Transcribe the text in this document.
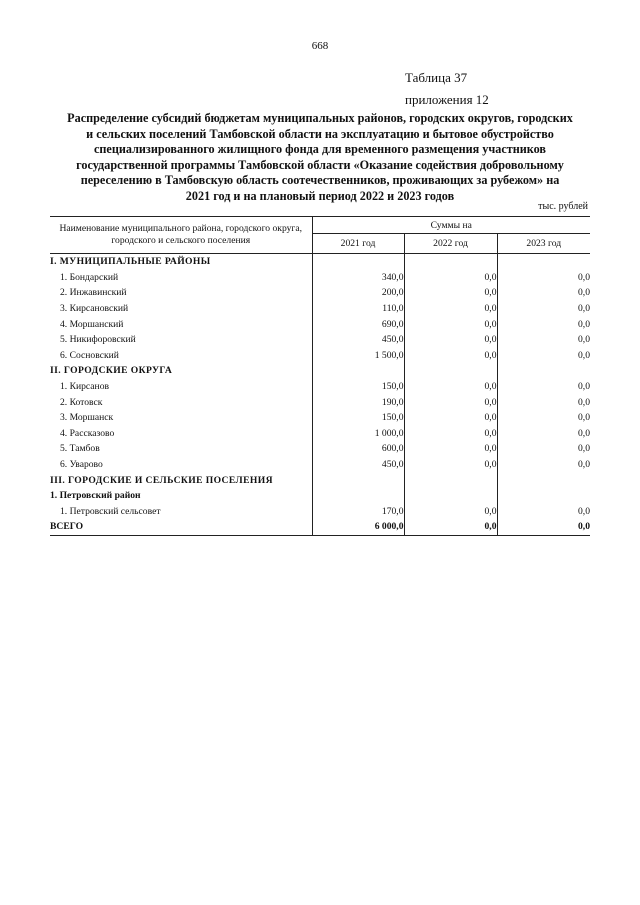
668
Таблица 37
приложения 12
Распределение субсидий бюджетам муниципальных районов, городских округов, городских
и сельских поселений Тамбовской области на эксплуатацию и бытовое обустройство
специализированного жилищного фонда для временного размещения участников
государственной программы Тамбовской области «Оказание содействия добровольному
переселению в Тамбовскую область соотечественников, проживающих за рубежом» на
2021 год и на плановый период 2022 и 2023 годов
тыс. рублей
Наименование муниципального района, городского округа, городского и сельского поселения	Суммы на		
	2021 год	2022 год	2023 год
I. МУНИЦИПАЛЬНЫЕ РАЙОНЫ			
1. Бондарский	340,0	0,0	0,0
2. Инжавинский	200,0	0,0	0,0
3. Кирсановский	110,0	0,0	0,0
4. Моршанский	690,0	0,0	0,0
5. Никифоровский	450,0	0,0	0,0
6. Сосновский	1 500,0	0,0	0,0
II. ГОРОДСКИЕ ОКРУГА			
1. Кирсанов	150,0	0,0	0,0
2. Котовск	190,0	0,0	0,0
3. Моршанск	150,0	0,0	0,0
4. Рассказово	1 000,0	0,0	0,0
5. Тамбов	600,0	0,0	0,0
6. Уварово	450,0	0,0	0,0
III. ГОРОДСКИЕ И СЕЛЬСКИЕ ПОСЕЛЕНИЯ			
1. Петровский район			
1. Петровский сельсовет	170,0	0,0	0,0
ВСЕГО	6 000,0	0,0	0,0
